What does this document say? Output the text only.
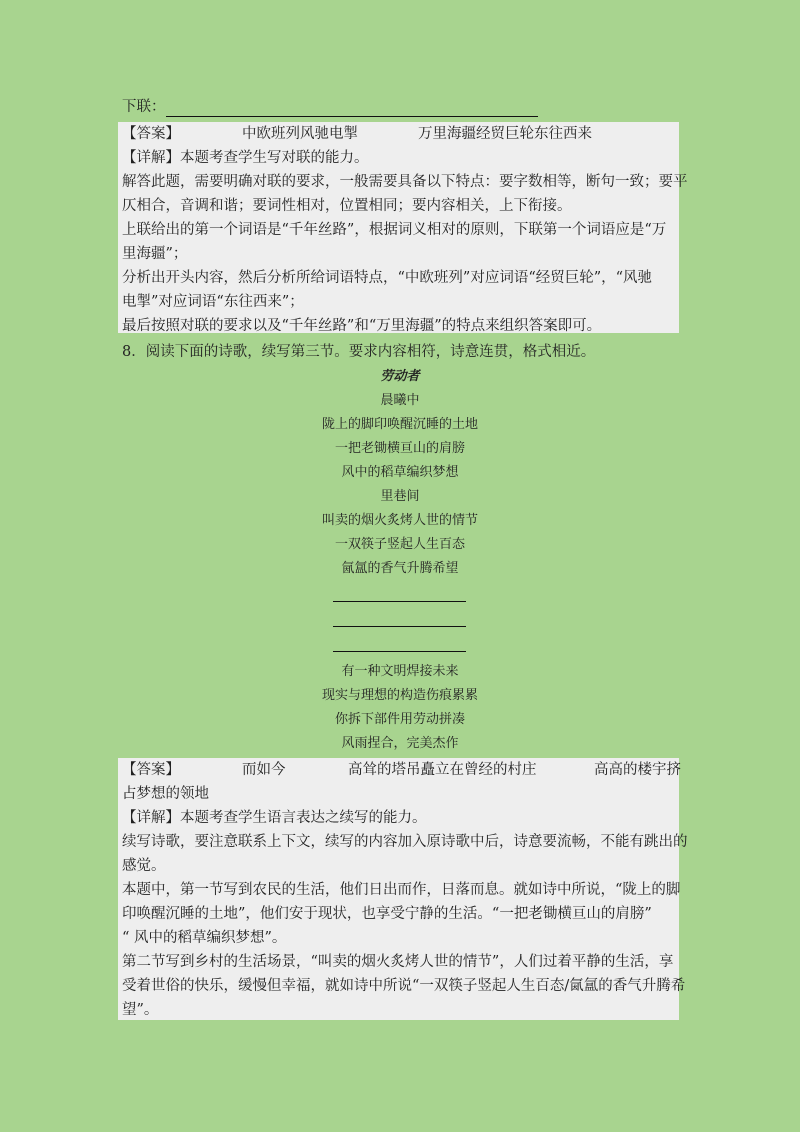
下联：
【答案】	中欧班列风驰电掣	万里海疆经贸巨轮东往西来
【详解】本题考查学生写对联的能力。
解答此题，需要明确对联的要求，一般需要具备以下特点：要字数相等，断句一致；要平
仄相合，音调和谐；要词性相对，位置相同；要内容相关，上下衔接。
上联给出的第一个词语是“千年丝路”，根据词义相对的原则，下联第一个词语应是“万
里海疆”；
分析出开头内容，然后分析所给词语特点，“中欧班列”对应词语“经贸巨轮”，“风驰
电掣”对应词语“东往西来”；
最后按照对联的要求以及“千年丝路”和“万里海疆”的特点来组织答案即可。
8．阅读下面的诗歌，续写第三节。要求内容相符，诗意连贯，格式相近。
劳动者
晨曦中
陇上的脚印唤醒沉睡的土地
一把老锄横亘山的肩膀
风中的稻草编织梦想
里巷间
叫卖的烟火炙烤人世的情节
一双筷子竖起人生百态
氤氲的香气升腾希望
有一种文明焊接未来
现实与理想的构造伤痕累累
你拆下部件用劳动拼凑
风雨捏合，完美杰作
【答案】	而如今	高耸的塔吊矗立在曾经的村庄	高高的楼宇挤
占梦想的领地
【详解】本题考查学生语言表达之续写的能力。
续写诗歌，要注意联系上下文，续写的内容加入原诗歌中后，诗意要流畅，不能有跳出的
感觉。
本题中，第一节写到农民的生活，他们日出而作，日落而息。就如诗中所说，“陇上的脚
印唤醒沉睡的土地”，他们安于现状，也享受宁静的生活。“一把老锄横亘山的肩膀”
“ 风中的稻草编织梦想”。
第二节写到乡村的生活场景，“叫卖的烟火炙烤人世的情节”，人们过着平静的生活，享
受着世俗的快乐，缓慢但幸福，就如诗中所说“一双筷子竖起人生百态/氤氲的香气升腾希
望”。
